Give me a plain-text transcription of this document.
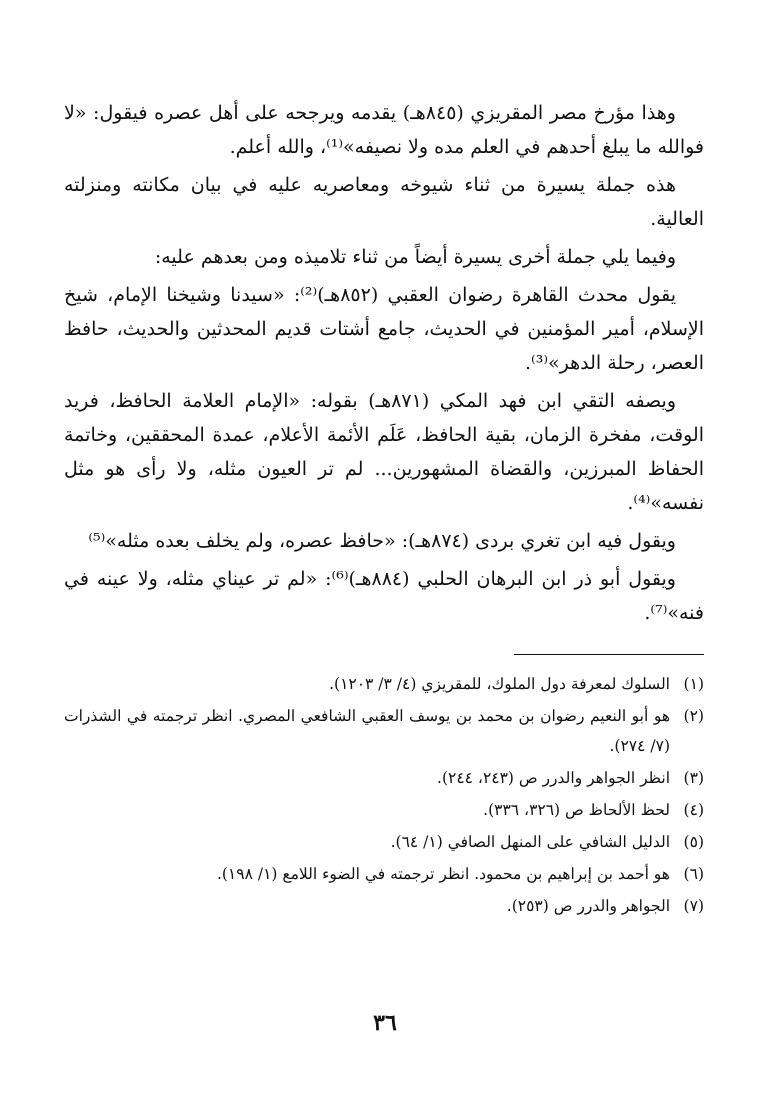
وهذا مؤرخ مصر المقريزي (٨٤٥هـ) يقدمه ويرجحه على أهل عصره فيقول: «لا فوالله ما يبلغ أحدهم في العلم مده ولا نصيفه»⁽¹⁾، والله أعلم.

هذه جملة يسيرة من ثناء شيوخه ومعاصريه عليه في بيان مكانته ومنزلته العالية.

وفيما يلي جملة أخرى يسيرة أيضاً من ثناء تلاميذه ومن بعدهم عليه:

يقول محدث القاهرة رضوان العقبي (٨٥٢هـ)⁽²⁾: «سيدنا وشيخنا الإمام، شيخ الإسلام، أمير المؤمنين في الحديث، جامع أشتات قديم المحدثين والحديث، حافظ العصر، رحلة الدهر»⁽³⁾.

ويصفه التقي ابن فهد المكي (٨٧١هـ) بقوله: «الإمام العلامة الحافظ، فريد الوقت، مفخرة الزمان، بقية الحافظ، عَلَم الأئمة الأعلام، عمدة المحققين، وخاتمة الحفاظ المبرزين، والقضاة المشهورين... لم تر العيون مثله، ولا رأى هو مثل نفسه»⁽⁴⁾.

ويقول فيه ابن تغري بردى (٨٧٤هـ): «حافظ عصره، ولم يخلف بعده مثله»⁽⁵⁾

ويقول أبو ذر ابن البرهان الحلبي (٨٨٤هـ)⁽⁶⁾: «لم تر عيناي مثله، ولا عينه في فنه»⁽⁷⁾.

(١)
السلوك لمعرفة دول الملوك، للمقريزي (٤/ ٣/ ١٢٠٣).
(٢)
هو أبو النعيم رضوان بن محمد بن يوسف العقبي الشافعي المصري. انظر ترجمته في الشذرات (٧/ ٢٧٤).
(٣)
انظر الجواهر والدرر ص (٢٤٣، ٢٤٤).
(٤)
لحظ الألحاظ ص (٣٢٦، ٣٣٦).
(٥)
الدليل الشافي على المنهل الصافي (١/ ٦٤).
(٦)
هو أحمد بن إبراهيم بن محمود. انظر ترجمته في الضوء اللامع (١/ ١٩٨).
(٧)
الجواهر والدرر ص (٢٥٣).
٣٦
